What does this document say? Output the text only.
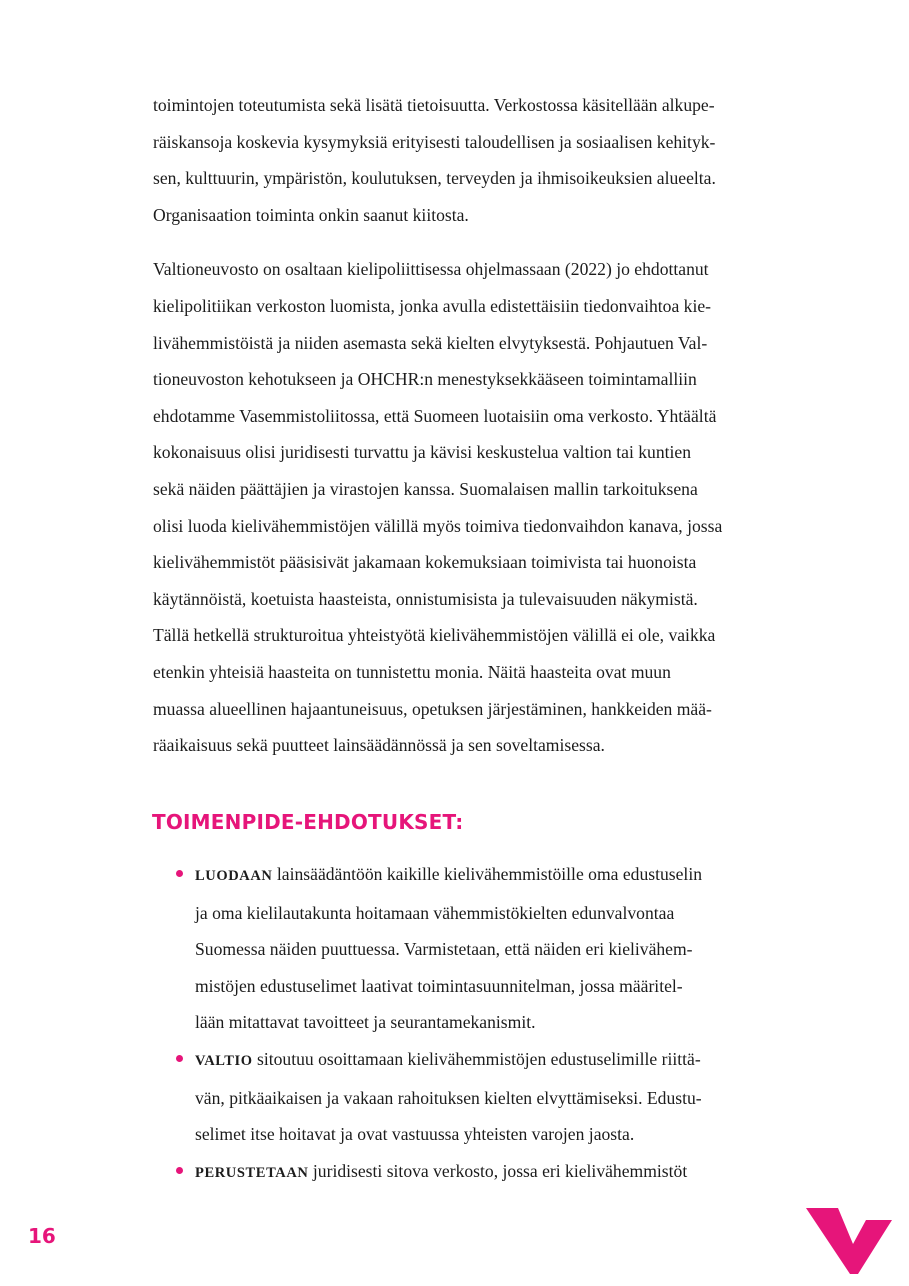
toimintojen toteutumista sekä lisätä tietoisuutta. Verkostossa käsitellään alkupe-
räiskansoja koskevia kysymyksiä erityisesti taloudellisen ja sosiaalisen kehityk-
sen, kulttuurin, ympäristön, koulutuksen, terveyden ja ihmisoikeuksien alueelta.
Organisaation toiminta onkin saanut kiitosta.

Valtioneuvosto on osaltaan kielipoliittisessa ohjelmassaan (2022) jo ehdottanut
kielipolitiikan verkoston luomista, jonka avulla edistettäisiin tiedonvaihtoa kie-
livähemmistöistä ja niiden asemasta sekä kielten elvytyksestä. Pohjautuen Val-
tioneuvoston kehotukseen ja OHCHR:n menestyksekkääseen toimintamalliin
ehdotamme Vasemmistoliitossa, että Suomeen luotaisiin oma verkosto. Yhtäältä
kokonaisuus olisi juridisesti turvattu ja kävisi keskustelua valtion tai kuntien
sekä näiden päättäjien ja virastojen kanssa. Suomalaisen mallin tarkoituksena
olisi luoda kielivähemmistöjen välillä myös toimiva tiedonvaihdon kanava, jossa
kielivähemmistöt pääsisivät jakamaan kokemuksiaan toimivista tai huonoista
käytännöistä, koetuista haasteista, onnistumisista ja tulevaisuuden näkymistä.
Tällä hetkellä strukturoitua yhteistyötä kielivähemmistöjen välillä ei ole, vaikka
etenkin yhteisiä haasteita on tunnistettu monia. Näitä haasteita ovat muun
muassa alueellinen hajaantuneisuus, opetuksen järjestäminen, hankkeiden mää-
räaikaisuus sekä puutteet lainsäädännössä ja sen soveltamisessa.

TOIMENPIDE-EHDOTUKSET:
LUODAAN lainsäädäntöön kaikille kielivähemmistöille oma edustuselin
ja oma kielilautakunta hoitamaan vähemmistökielten edunvalvontaa
Suomessa näiden puuttuessa. Varmistetaan, että näiden eri kielivähem-
mistöjen edustuselimet laativat toimintasuunnitelman, jossa määritel-
lään mitattavat tavoitteet ja seurantamekanismit.
VALTIO sitoutuu osoittamaan kielivähemmistöjen edustuselimille riittä-
vän, pitkäaikaisen ja vakaan rahoituksen kielten elvyttämiseksi. Edustu-
selimet itse hoitavat ja ovat vastuussa yhteisten varojen jaosta.
PERUSTETAAN juridisesti sitova verkosto, jossa eri kielivähemmistöt
16
